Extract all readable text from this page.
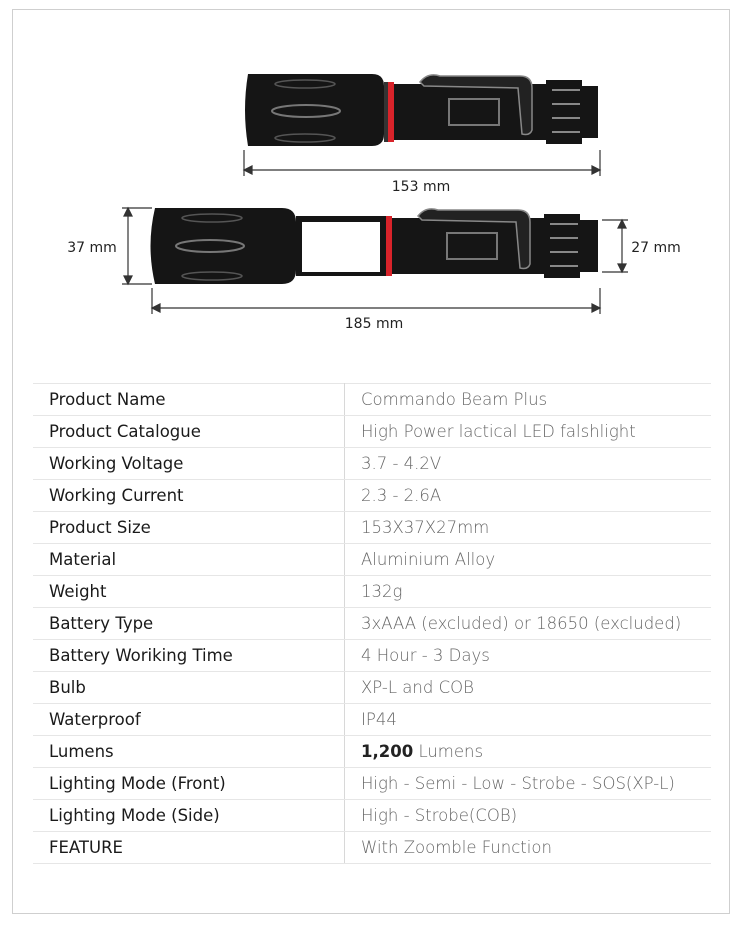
153 mm
37 mm	27 mm
185 mm
Product Name	Commando Beam Plus
Product Catalogue	High Power lactical LED falshlight
Working Voltage	3.7 - 4.2V
Working Current	2.3 - 2.6A
Product Size	153X37X27mm
Material	Aluminium Alloy
Weight	132g
Battery Type	3xAAA (excluded) or 18650 (excluded)
Battery Woriking Time	4 Hour - 3 Days
Bulb	XP-L and COB
Waterproof	IP44
Lumens	1,200 Lumens
Lighting Mode (Front)	High - Semi - Low - Strobe - SOS(XP-L)
Lighting Mode (Side)	High - Strobe(COB)
FEATURE	With Zoomble Function
